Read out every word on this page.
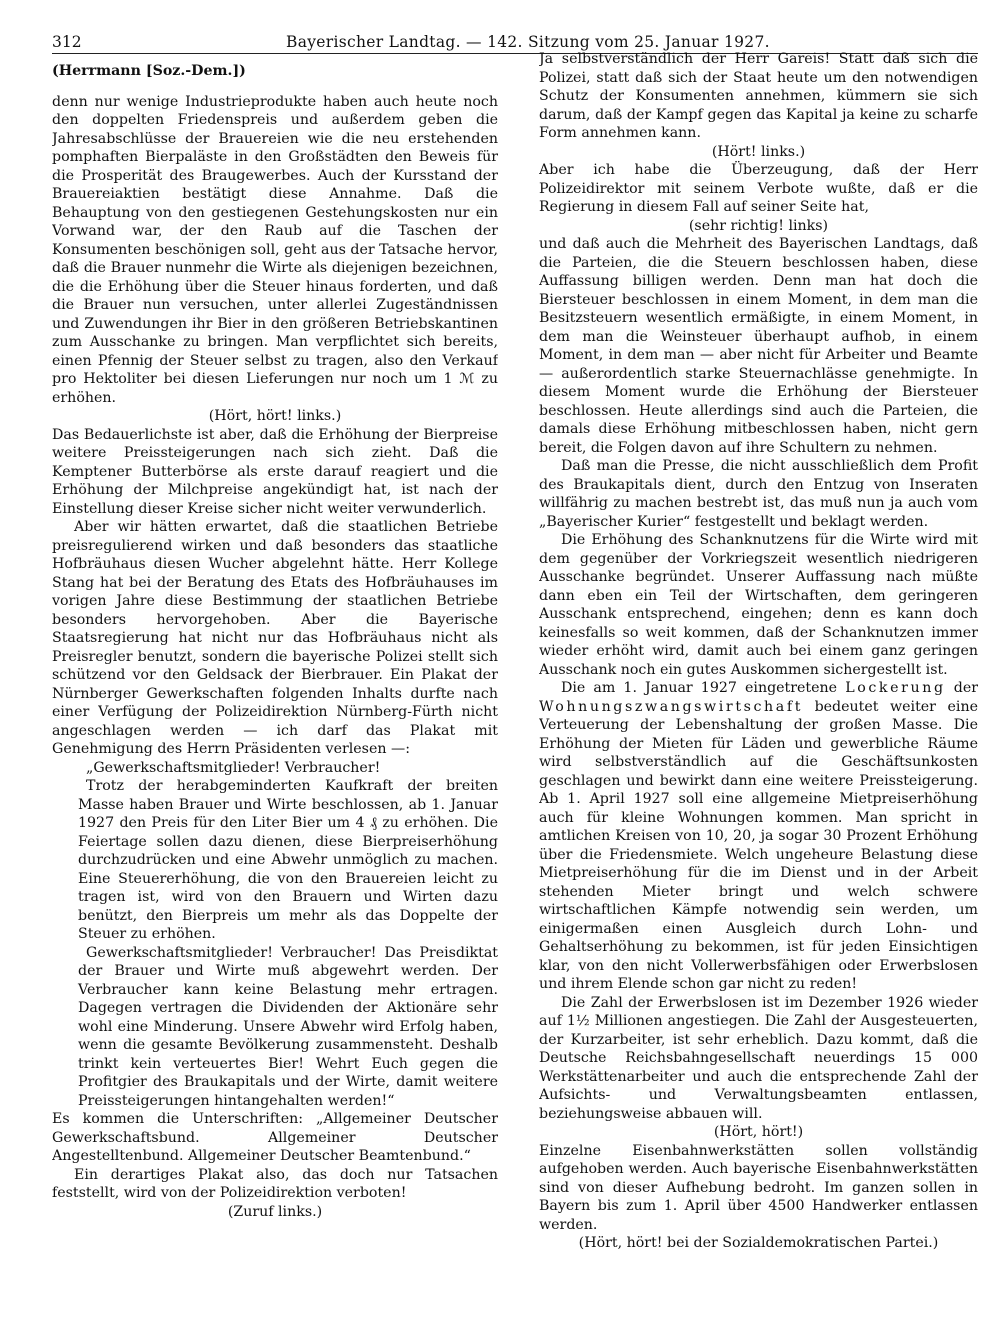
312	Bayerischer Landtag. — 142. Sitzung vom 25. Januar 1927.

(Herrmann [Soz.-Dem.])

denn nur wenige Industrieprodukte haben auch heute noch den doppelten Friedenspreis und außerdem geben die Jahresabschlüsse der Brauereien wie die neu erstehenden pomphaften Bierpaläste in den Großstädten den Beweis für die Prosperität des Braugewerbes. Auch der Kursstand der Brauereiaktien bestätigt diese Annahme. Daß die Behauptung von den gestiegenen Gestehungskosten nur ein Vorwand war, der den Raub auf die Taschen der Konsumenten beschönigen soll, geht aus der Tatsache hervor, daß die Brauer nunmehr die Wirte als diejenigen bezeichnen, die die Erhöhung über die Steuer hinaus forderten, und daß die Brauer nun versuchen, unter allerlei Zugeständnissen und Zuwendungen ihr Bier in den größeren Betriebskantinen zum Ausschanke zu bringen. Man verpflichtet sich bereits, einen Pfennig der Steuer selbst zu tragen, also den Verkauf pro Hektoliter bei diesen Lieferungen nur noch um 1 ℳ zu erhöhen.

(Hört, hört! links.)

Das Bedauerlichste ist aber, daß die Erhöhung der Bierpreise weitere Preissteigerungen nach sich zieht. Daß die Kemptener Butterbörse als erste darauf reagiert und die Erhöhung der Milchpreise angekündigt hat, ist nach der Einstellung dieser Kreise sicher nicht weiter verwunderlich.

Aber wir hätten erwartet, daß die staatlichen Betriebe preisregulierend wirken und daß besonders das staatliche Hofbräuhaus diesen Wucher abgelehnt hätte. Herr Kollege Stang hat bei der Beratung des Etats des Hofbräuhauses im vorigen Jahre diese Bestimmung der staatlichen Betriebe besonders hervorgehoben. Aber die Bayerische Staatsregierung hat nicht nur das Hofbräuhaus nicht als Preisregler benutzt, sondern die bayerische Polizei stellt sich schützend vor den Geldsack der Bierbrauer. Ein Plakat der Nürnberger Gewerkschaften folgenden Inhalts durfte nach einer Verfügung der Polizeidirektion Nürnberg-Fürth nicht angeschlagen werden — ich darf das Plakat mit Genehmigung des Herrn Präsidenten verlesen —:

„Gewerkschaftsmitglieder! Verbraucher!

Trotz der herabgeminderten Kaufkraft der breiten Masse haben Brauer und Wirte beschlossen, ab 1. Januar 1927 den Preis für den Liter Bier um 4 ₰ zu erhöhen. Die Feiertage sollen dazu dienen, diese Bierpreiserhöhung durchzudrücken und eine Abwehr unmöglich zu machen. Eine Steuererhöhung, die von den Brauereien leicht zu tragen ist, wird von den Brauern und Wirten dazu benützt, den Bierpreis um mehr als das Doppelte der Steuer zu erhöhen.

Gewerkschaftsmitglieder! Verbraucher! Das Preisdiktat der Brauer und Wirte muß abgewehrt werden. Der Verbraucher kann keine Belastung mehr ertragen. Dagegen vertragen die Dividenden der Aktionäre sehr wohl eine Minderung. Unsere Abwehr wird Erfolg haben, wenn die gesamte Bevölkerung zusammensteht. Deshalb trinkt kein verteuertes Bier! Wehrt Euch gegen die Profitgier des Braukapitals und der Wirte, damit weitere Preissteigerungen hintangehalten werden!“

Es kommen die Unterschriften: „Allgemeiner Deutscher Gewerkschaftsbund. Allgemeiner Deutscher Angestelltenbund. Allgemeiner Deutscher Beamtenbund.“

Ein derartiges Plakat also, das doch nur Tatsachen feststellt, wird von der Polizeidirektion verboten!

(Zuruf links.)

Ja selbstverständlich der Herr Gareis! Statt daß sich die Polizei, statt daß sich der Staat heute um den notwendigen Schutz der Konsumenten annehmen, kümmern sie sich darum, daß der Kampf gegen das Kapital ja keine zu scharfe Form annehmen kann.

(Hört! links.)

Aber ich habe die Überzeugung, daß der Herr Polizeidirektor mit seinem Verbote wußte, daß er die Regierung in diesem Fall auf seiner Seite hat,

(sehr richtig! links)

und daß auch die Mehrheit des Bayerischen Landtags, daß die Parteien, die die Steuern beschlossen haben, diese Auffassung billigen werden. Denn man hat doch die Biersteuer beschlossen in einem Moment, in dem man die Besitzsteuern wesentlich ermäßigte, in einem Moment, in dem man die Weinsteuer überhaupt aufhob, in einem Moment, in dem man — aber nicht für Arbeiter und Beamte — außerordentlich starke Steuernachlässe genehmigte. In diesem Moment wurde die Erhöhung der Biersteuer beschlossen. Heute allerdings sind auch die Parteien, die damals diese Erhöhung mitbeschlossen haben, nicht gern bereit, die Folgen davon auf ihre Schultern zu nehmen.

Daß man die Presse, die nicht ausschließlich dem Profit des Braukapitals dient, durch den Entzug von Inseraten willfährig zu machen bestrebt ist, das muß nun ja auch vom „Bayerischer Kurier“ festgestellt und beklagt werden.

Die Erhöhung des Schanknutzens für die Wirte wird mit dem gegenüber der Vorkriegszeit wesentlich niedrigeren Ausschanke begründet. Unserer Auffassung nach müßte dann eben ein Teil der Wirtschaften, dem geringeren Ausschank entsprechend, eingehen; denn es kann doch keinesfalls so weit kommen, daß der Schanknutzen immer wieder erhöht wird, damit auch bei einem ganz geringen Ausschank noch ein gutes Auskommen sichergestellt ist.

Die am 1. Januar 1927 eingetretene Lockerung der Wohnungszwangswirtschaft bedeutet weiter eine Verteuerung der Lebenshaltung der großen Masse. Die Erhöhung der Mieten für Läden und gewerbliche Räume wird selbstverständlich auf die Geschäftsunkosten geschlagen und bewirkt dann eine weitere Preissteigerung. Ab 1. April 1927 soll eine allgemeine Mietpreiserhöhung auch für kleine Wohnungen kommen. Man spricht in amtlichen Kreisen von 10, 20, ja sogar 30 Prozent Erhöhung über die Friedensmiete. Welch ungeheure Belastung diese Mietpreiserhöhung für die im Dienst und in der Arbeit stehenden Mieter bringt und welch schwere wirtschaftlichen Kämpfe notwendig sein werden, um einigermaßen einen Ausgleich durch Lohn- und Gehaltserhöhung zu bekommen, ist für jeden Einsichtigen klar, von den nicht Vollerwerbsfähigen oder Erwerbslosen und ihrem Elende schon gar nicht zu reden!

Die Zahl der Erwerbslosen ist im Dezember 1926 wieder auf 1½ Millionen angestiegen. Die Zahl der Ausgesteuerten, der Kurzarbeiter, ist sehr erheblich. Dazu kommt, daß die Deutsche Reichsbahngesellschaft neuerdings 15 000 Werkstättenarbeiter und auch die entsprechende Zahl der Aufsichts- und Verwaltungsbeamten entlassen, beziehungsweise abbauen will.

(Hört, hört!)

Einzelne Eisenbahnwerkstätten sollen vollständig aufgehoben werden. Auch bayerische Eisenbahnwerkstätten sind von dieser Aufhebung bedroht. Im ganzen sollen in Bayern bis zum 1. April über 4500 Handwerker entlassen werden.

(Hört, hört! bei der Sozialdemokratischen Partei.)
